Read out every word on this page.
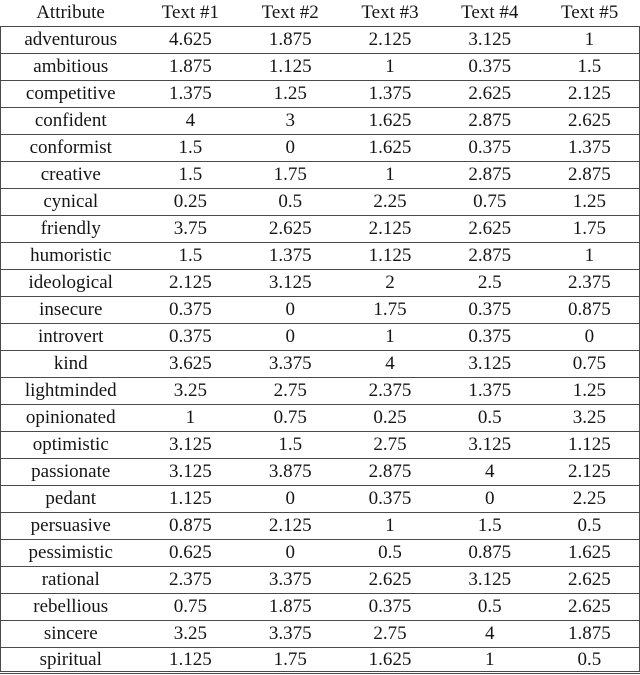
Attribute	Text #1	Text #2	Text #3	Text #4	Text #5
adventurous	4.625	1.875	2.125	3.125	1
ambitious	1.875	1.125	1	0.375	1.5
competitive	1.375	1.25	1.375	2.625	2.125
confident	4	3	1.625	2.875	2.625
conformist	1.5	0	1.625	0.375	1.375
creative	1.5	1.75	1	2.875	2.875
cynical	0.25	0.5	2.25	0.75	1.25
friendly	3.75	2.625	2.125	2.625	1.75
humoristic	1.5	1.375	1.125	2.875	1
ideological	2.125	3.125	2	2.5	2.375
insecure	0.375	0	1.75	0.375	0.875
introvert	0.375	0	1	0.375	0
kind	3.625	3.375	4	3.125	0.75
lightminded	3.25	2.75	2.375	1.375	1.25
opinionated	1	0.75	0.25	0.5	3.25
optimistic	3.125	1.5	2.75	3.125	1.125
passionate	3.125	3.875	2.875	4	2.125
pedant	1.125	0	0.375	0	2.25
persuasive	0.875	2.125	1	1.5	0.5
pessimistic	0.625	0	0.5	0.875	1.625
rational	2.375	3.375	2.625	3.125	2.625
rebellious	0.75	1.875	0.375	0.5	2.625
sincere	3.25	3.375	2.75	4	1.875
spiritual	1.125	1.75	1.625	1	0.5
